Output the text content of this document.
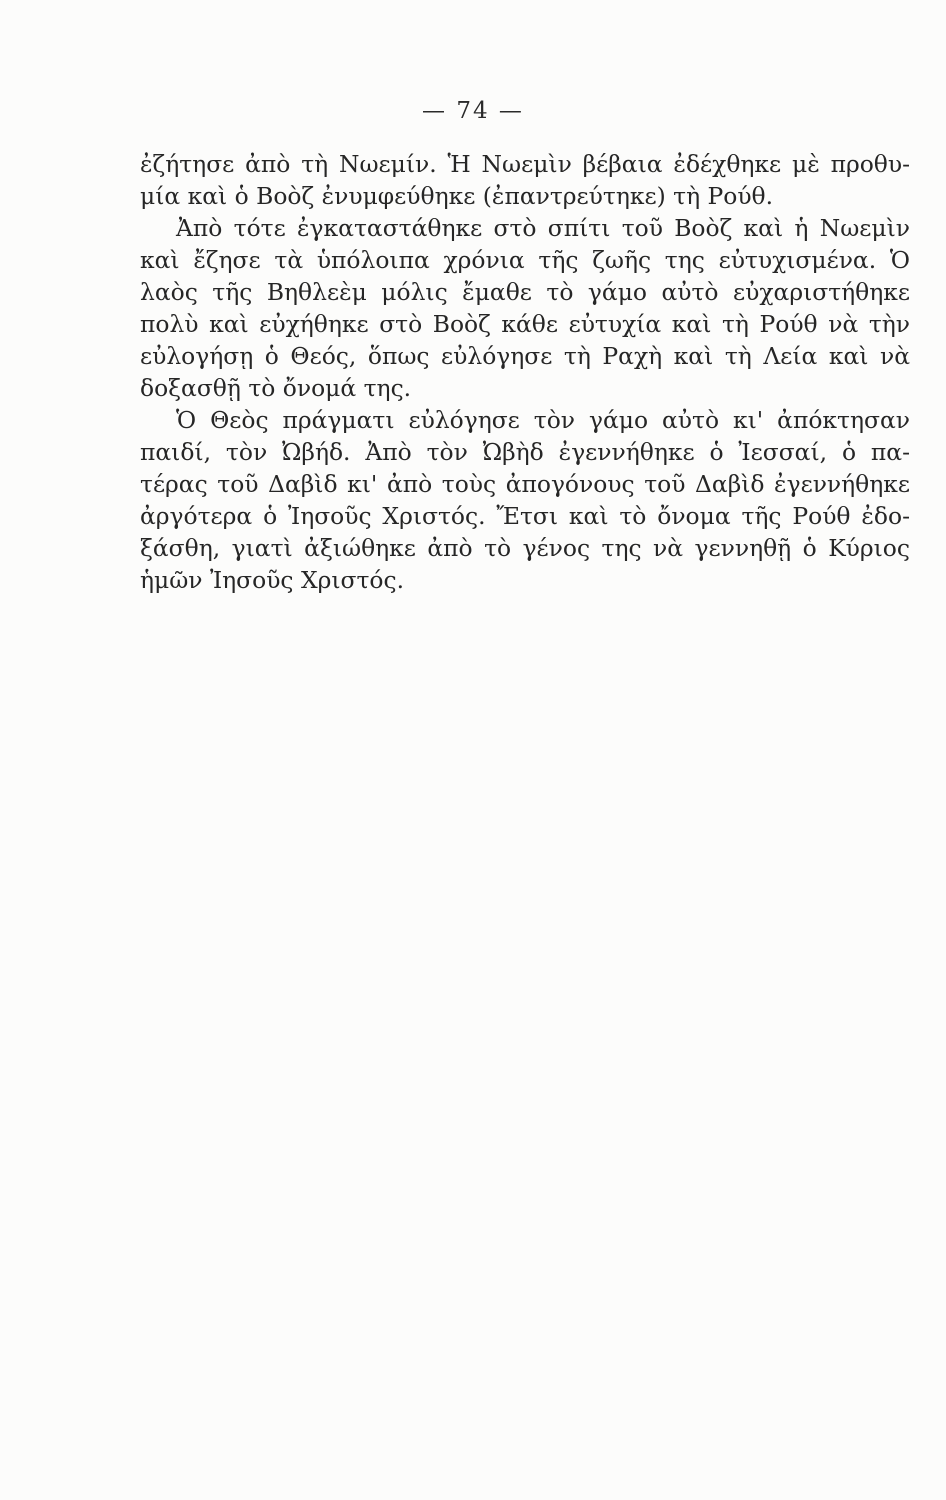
— 74 —
ἐζήτησε ἀπὸ τὴ Νωεμίν. Ἡ Νωεμὶν βέβαια ἐδέχθηκε μὲ προθυ-
μία καὶ ὁ Βοὸζ ἐνυμφεύθηκε (ἐπαντρεύτηκε) τὴ Ρούθ.
Ἀπὸ τότε ἐγκαταστάθηκε στὸ σπίτι τοῦ Βοὸζ καὶ ἡ Νωεμὶν
καὶ ἔζησε τὰ ὑπόλοιπα χρόνια τῆς ζωῆς της εὐτυχισμένα. Ὁ
λαὸς τῆς Βηθλεὲμ μόλις ἔμαθε τὸ γάμο αὐτὸ εὐχαριστήθηκε
πολὺ καὶ εὐχήθηκε στὸ Βοὸζ κάθε εὐτυχία καὶ τὴ Ρούθ νὰ τὴν
εὐλογήσῃ ὁ Θεός, ὅπως εὐλόγησε τὴ Ραχὴ καὶ τὴ Λεία καὶ νὰ
δοξασθῇ τὸ ὄνομά της.
Ὁ Θεὸς πράγματι εὐλόγησε τὸν γάμο αὐτὸ κι' ἀπόκτησαν
παιδί, τὸν Ὠβήδ. Ἀπὸ τὸν Ὠβὴδ ἐγεννήθηκε ὁ Ἰεσσαί, ὁ πα-
τέρας τοῦ Δαβὶδ κι' ἀπὸ τοὺς ἀπογόνους τοῦ Δαβὶδ ἐγεννήθηκε
ἀργότερα ὁ Ἰησοῦς Χριστός. Ἔτσι καὶ τὸ ὄνομα τῆς Ρούθ ἐδο-
ξάσθη, γιατὶ ἀξιώθηκε ἀπὸ τὸ γένος της νὰ γεννηθῇ ὁ Κύριος
ἡμῶν Ἰησοῦς Χριστός.
